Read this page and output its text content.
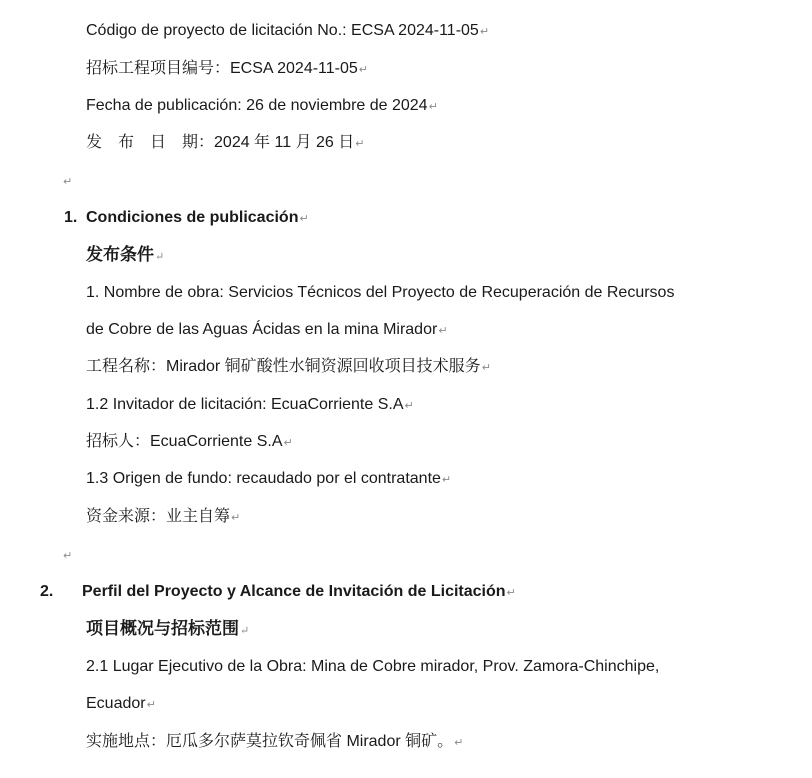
Código de proyecto de licitación No.: ECSA 2024-11-05↵
招标工程项目编号：ECSA 2024-11-05↵
Fecha de publicación: 26 de noviembre de 2024↵
发　布　日　期：2024 年 11 月 26 日↵
↵
1. Condiciones de publicación↵
发布条件↵
1. Nombre de obra: Servicios Técnicos del Proyecto de Recuperación de Recursos
de Cobre de las Aguas Ácidas en la mina Mirador↵
工程名称：Mirador 铜矿酸性水铜资源回收项目技术服务↵
1.2 Invitador de licitación: EcuaCorriente S.A↵
招标人：EcuaCorriente S.A↵
1.3 Origen de fundo: recaudado por el contratante↵
资金来源：业主自筹↵
↵
2. Perfil del Proyecto y Alcance de Invitación de Licitación↵
项目概况与招标范围↵
2.1 Lugar Ejecutivo de la Obra: Mina de Cobre mirador, Prov. Zamora-Chinchipe,
Ecuador↵
实施地点：厄瓜多尔萨莫拉钦奇佩省 Mirador 铜矿。↵
